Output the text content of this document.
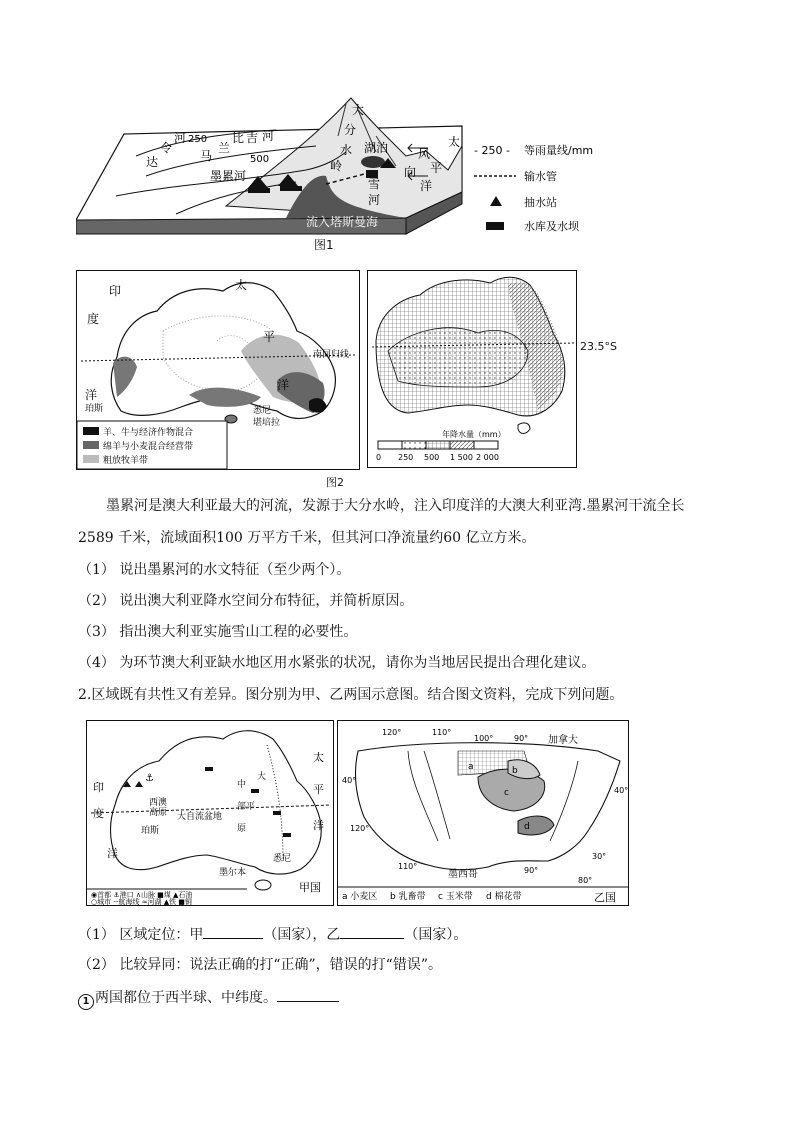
达
令
河 250
马
兰
比 吉 河
500
墨累河
大
分
水
岭
湖泊
雪
河
风
向
太
平
洋
流入塔斯曼海
- 250 - 等雨量线/mm
输水管
抽水站
水库及水坝
图1
印
度
洋
太
平
洋
南回归线
珀斯	悉尼
堪培拉
羊、牛与经济作物混合
绵羊与小麦混合经营带
粗放牧羊带
年降水量（mm）
0 250 500 1 500 2 000
23.5°S
图2
墨累河是澳大利亚最大的河流，发源于大分水岭，注入印度洋的大澳大利亚湾.墨累河干流全长
2589 千米，流域面积100 万平方千米，但其河口净流量约60 亿立方米。
（1） 说出墨累河的水文特征（至少两个）。
（2） 说出澳大利亚降水空间分布特征，并简析原因。
（3） 指出澳大利亚实施雪山工程的必要性。
（4） 为环节澳大利亚缺水地区用水紧张的状况，请你为当地居民提出合理化建议。
2.区域既有共性又有差异。图分别为甲、乙两国示意图。结合图文资料，完成下列问题。
⚓
印
度
洋
太
平
洋
西澳
高原 大自流盆地
中
部平
原
大
珀斯
悉尼
墨尔本
甲国
◉首都 ⚓港口 ∧山脉 ■煤 ▲石油
○城市 --航海线 ≈河湖 ▲铁 ■铜
120°	110°
100°	90° 加拿大
40°
120°
40°
30°
110°	90°
80°
墨西哥
a	b
c
d
a 小麦区 b 乳畜带 c 玉米带 d 棉花带	乙国
（1） 区域定位：甲	（国家），乙	（国家）。
（2） 比较异同：说法正确的打“正确”，错误的打“错误”。
1 两国都位于西半球、中纬度。
